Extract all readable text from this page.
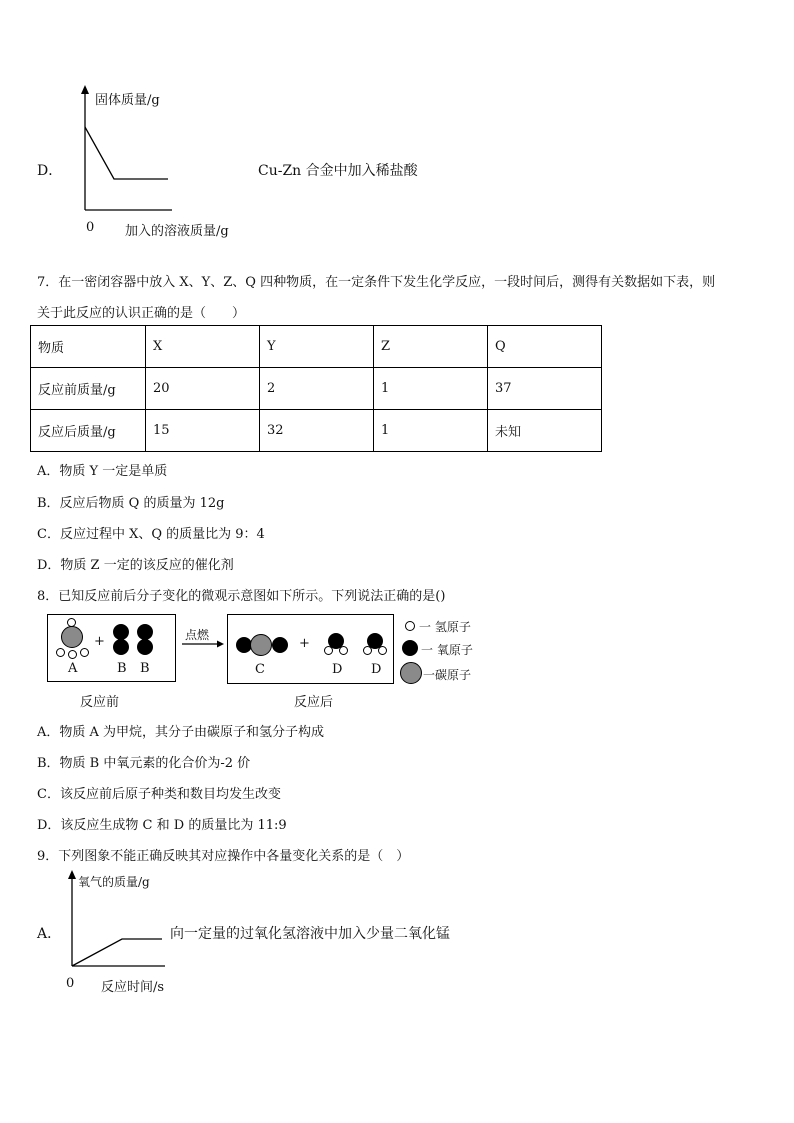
D．
固体质量/g
0 加入的溶液质量/g
Cu-Zn 合金中加入稀盐酸
7．在一密闭容器中放入 X、Y、Z、Q 四种物质，在一定条件下发生化学反应，一段时间后，测得有关数据如下表，则
关于此反应的认识正确的是（　　）
物质	X	Y	Z	Q
反应前质量/g	20	2	1	37
反应后质量/g	15	32	1	未知
A．物质 Y 一定是单质
B．反应后物质 Q 的质量为 12g
C．反应过程中 X、Q 的质量比为 9：4
D．物质 Z 一定的该反应的催化剂
8．已知反应前后分子变化的微观示意图如下所示。下列说法正确的是()
+
A	B B
点燃
+
C	D D
一 氢原子
一 氧原子
一碳原子
反应前	反应后
A．物质 A 为甲烷，其分子由碳原子和氢分子构成
B．物质 B 中氧元素的化合价为-2 价
C．该反应前后原子种类和数目均发生改变
D．该反应生成物 C 和 D 的质量比为 11:9
9．下列图象不能正确反映其对应操作中各量变化关系的是（　）
A．
氧气的质量/g
0 反应时间/s
向一定量的过氧化氢溶液中加入少量二氧化锰
